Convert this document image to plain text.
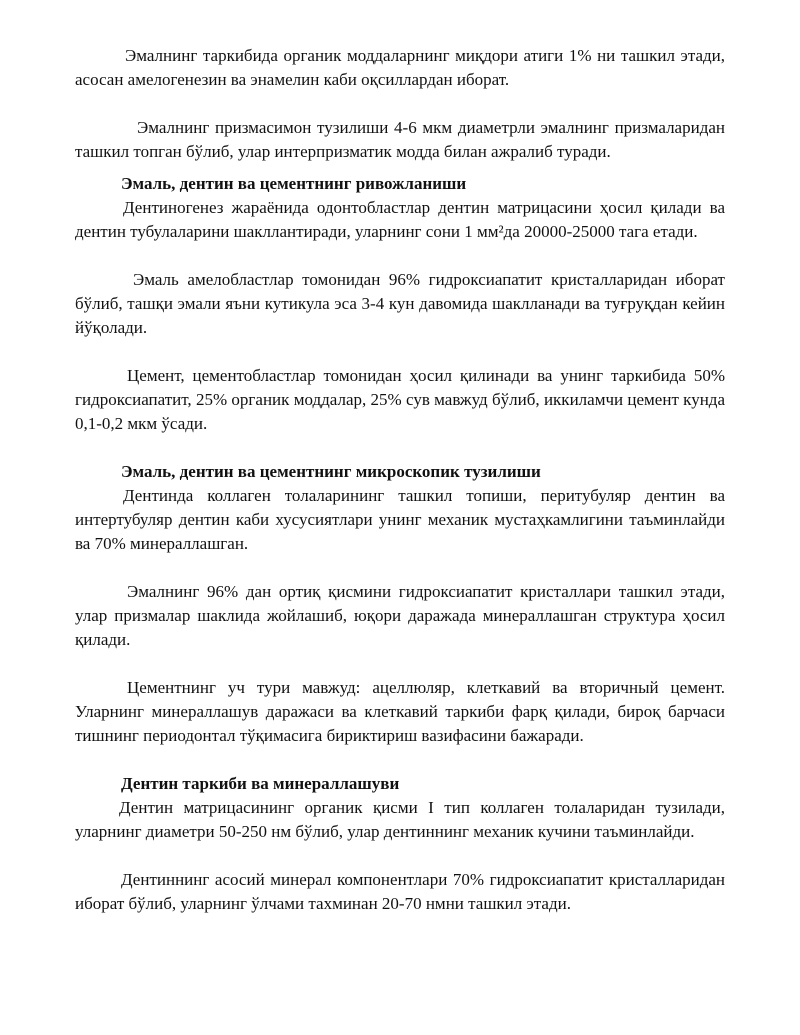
Эмалнинг таркибида органик моддаларнинг миқдори атиги 1% ни ташкил этади, асосан амелогенезин ва энамелин каби оқсиллардан иборат.

Эмалнинг призмасимон тузилиши 4-6 мкм диаметрли эмалнинг призмаларидан ташкил топган бўлиб, улар интерпризматик модда билан ажралиб туради.

Эмаль, дентин ва цементнинг ривожланиши

Дентиногенез жараёнида одонтобластлар дентин матрицасини ҳосил қилади ва дентин тубулаларини шакллантиради, уларнинг сони 1 мм²да 20000-25000 тага етади.

Эмаль амелобластлар томонидан 96% гидроксиапатит кристалларидан иборат бўлиб, ташқи эмали яъни кутикула эса 3-4 кун давомида шаклланади ва туғруқдан кейин йўқолади.

Цемент, цементобластлар томонидан ҳосил қилинади ва унинг таркибида 50% гидроксиапатит, 25% органик моддалар, 25% сув мавжуд бўлиб, иккиламчи цемент кунда 0,1-0,2 мкм ўсади.

Эмаль, дентин ва цементнинг микроскопик тузилиши

Дентинда коллаген толаларининг ташкил топиши, перитубуляр дентин ва интертубуляр дентин каби хусусиятлари унинг механик мустаҳкамлигини таъминлайди ва 70% минераллашган.

Эмалнинг 96% дан ортиқ қисмини гидроксиапатит кристаллари ташкил этади, улар призмалар шаклида жойлашиб, юқори даражада минераллашган структура ҳосил қилади.

Цементнинг уч тури мавжуд: ацеллюляр, клеткавий ва вторичный цемент. Уларнинг минераллашув даражаси ва клеткавий таркиби фарқ қилади, бироқ барчаси тишнинг периодонтал тўқимасига бириктириш вазифасини бажаради.

Дентин таркиби ва минераллашуви

Дентин матрицасининг органик қисми I тип коллаген толаларидан тузилади, уларнинг диаметри 50-250 нм бўлиб, улар дентиннинг механик кучини таъминлайди.

Дентиннинг асосий минерал компонентлари 70% гидроксиапатит кристалларидан иборат бўлиб, уларнинг ўлчами тахминан 20-70 нмни ташкил этади.
